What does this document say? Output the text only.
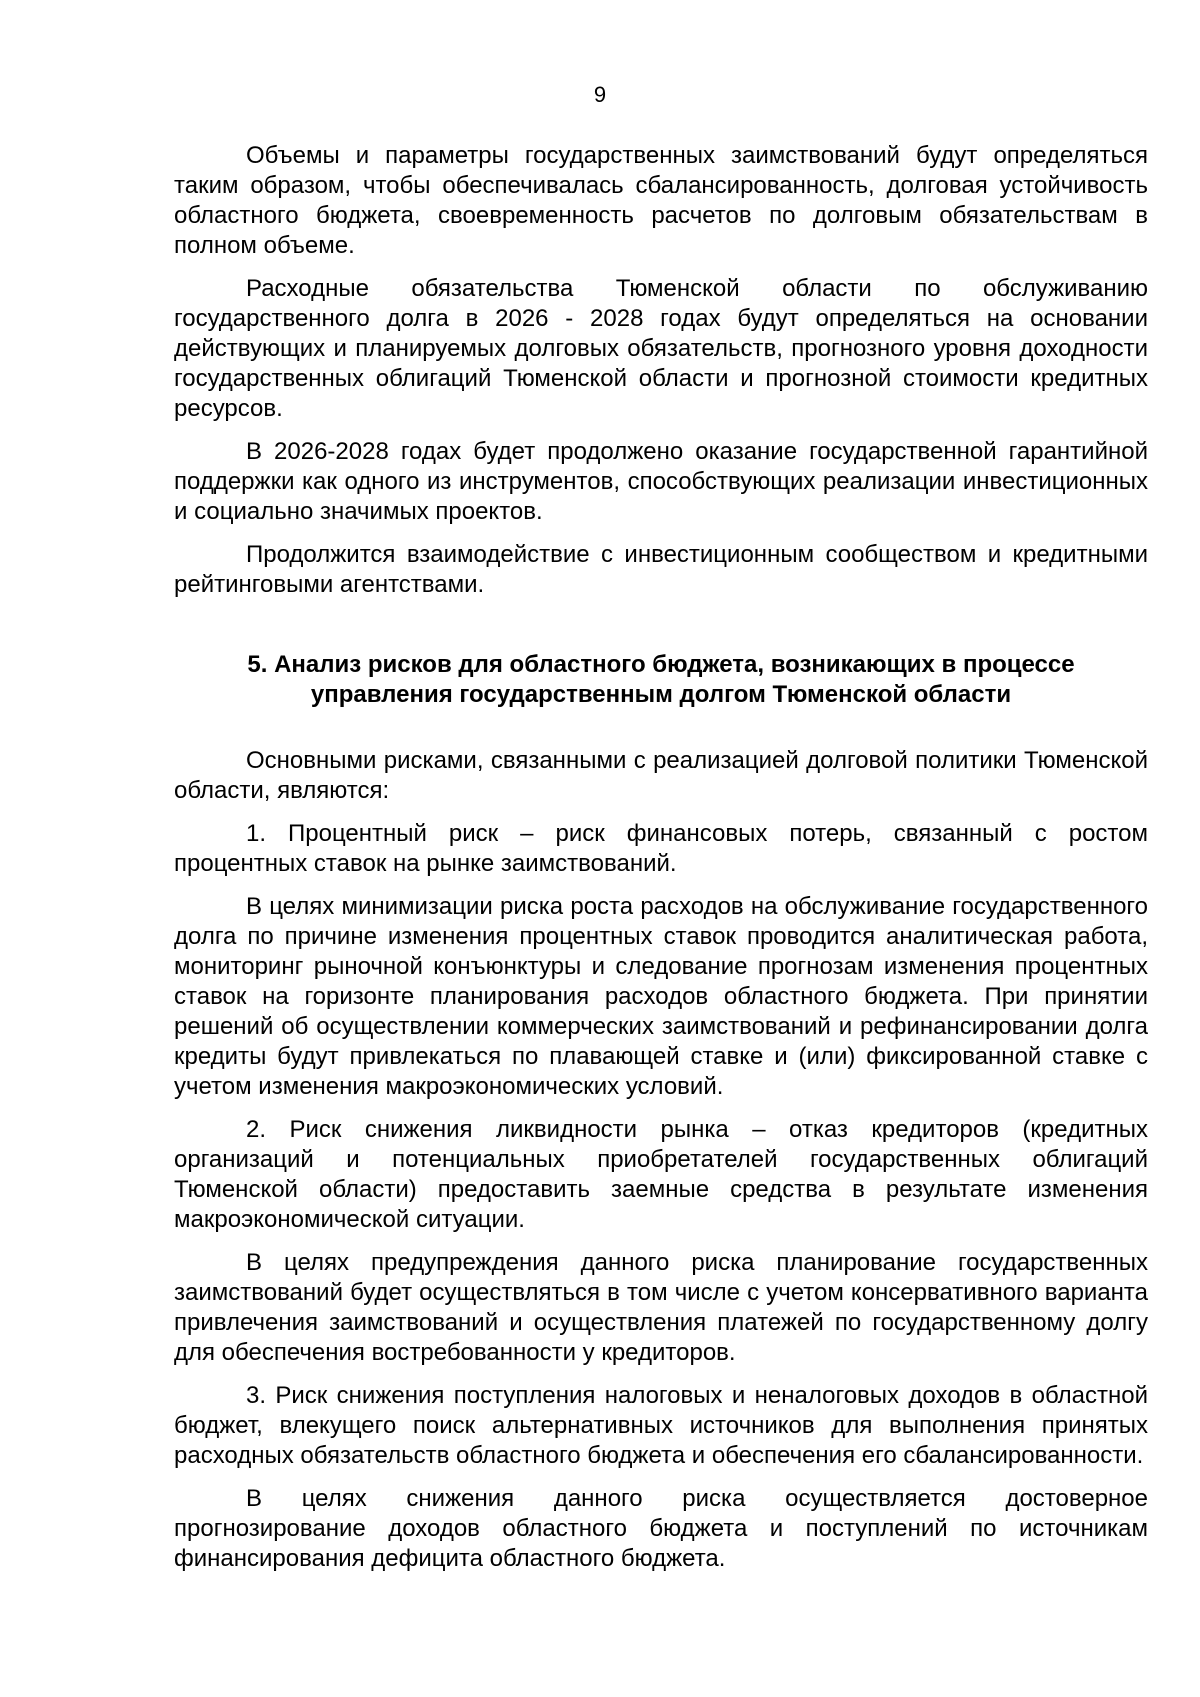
9

Объемы и параметры государственных заимствований будут определяться таким образом, чтобы обеспечивалась сбалансированность, долговая устойчивость областного бюджета, своевременность расчетов по долговым обязательствам в полном объеме.

Расходные обязательства Тюменской области по обслуживанию государственного долга в 2026 - 2028 годах будут определяться на основании действующих и планируемых долговых обязательств, прогнозного уровня доходности государственных облигаций Тюменской области и прогнозной стоимости кредитных ресурсов.

В 2026-2028 годах будет продолжено оказание государственной гарантийной поддержки как одного из инструментов, способствующих реализации инвестиционных и социально значимых проектов.

Продолжится взаимодействие с инвестиционным сообществом и кредитными рейтинговыми агентствами.

5. Анализ рисков для областного бюджета, возникающих в процессе управления государственным долгом Тюменской области

Основными рисками, связанными с реализацией долговой политики Тюменской области, являются:

1. Процентный риск – риск финансовых потерь, связанный с ростом процентных ставок на рынке заимствований.

В целях минимизации риска роста расходов на обслуживание государственного долга по причине изменения процентных ставок проводится аналитическая работа, мониторинг рыночной конъюнктуры и следование прогнозам изменения процентных ставок на горизонте планирования расходов областного бюджета. При принятии решений об осуществлении коммерческих заимствований и рефинансировании долга кредиты будут привлекаться по плавающей ставке и (или) фиксированной ставке с учетом изменения макроэкономических условий.

2. Риск снижения ликвидности рынка – отказ кредиторов (кредитных организаций и потенциальных приобретателей государственных облигаций Тюменской области) предоставить заемные средства в результате изменения макроэкономической ситуации.

В целях предупреждения данного риска планирование государственных заимствований будет осуществляться в том числе с учетом консервативного варианта привлечения заимствований и осуществления платежей по государственному долгу для обеспечения востребованности у кредиторов.

3. Риск снижения поступления налоговых и неналоговых доходов в областной бюджет, влекущего поиск альтернативных источников для выполнения принятых расходных обязательств областного бюджета и обеспечения его сбалансированности.

В целях снижения данного риска осуществляется достоверное прогнозирование доходов областного бюджета и поступлений по источникам финансирования дефицита областного бюджета.
